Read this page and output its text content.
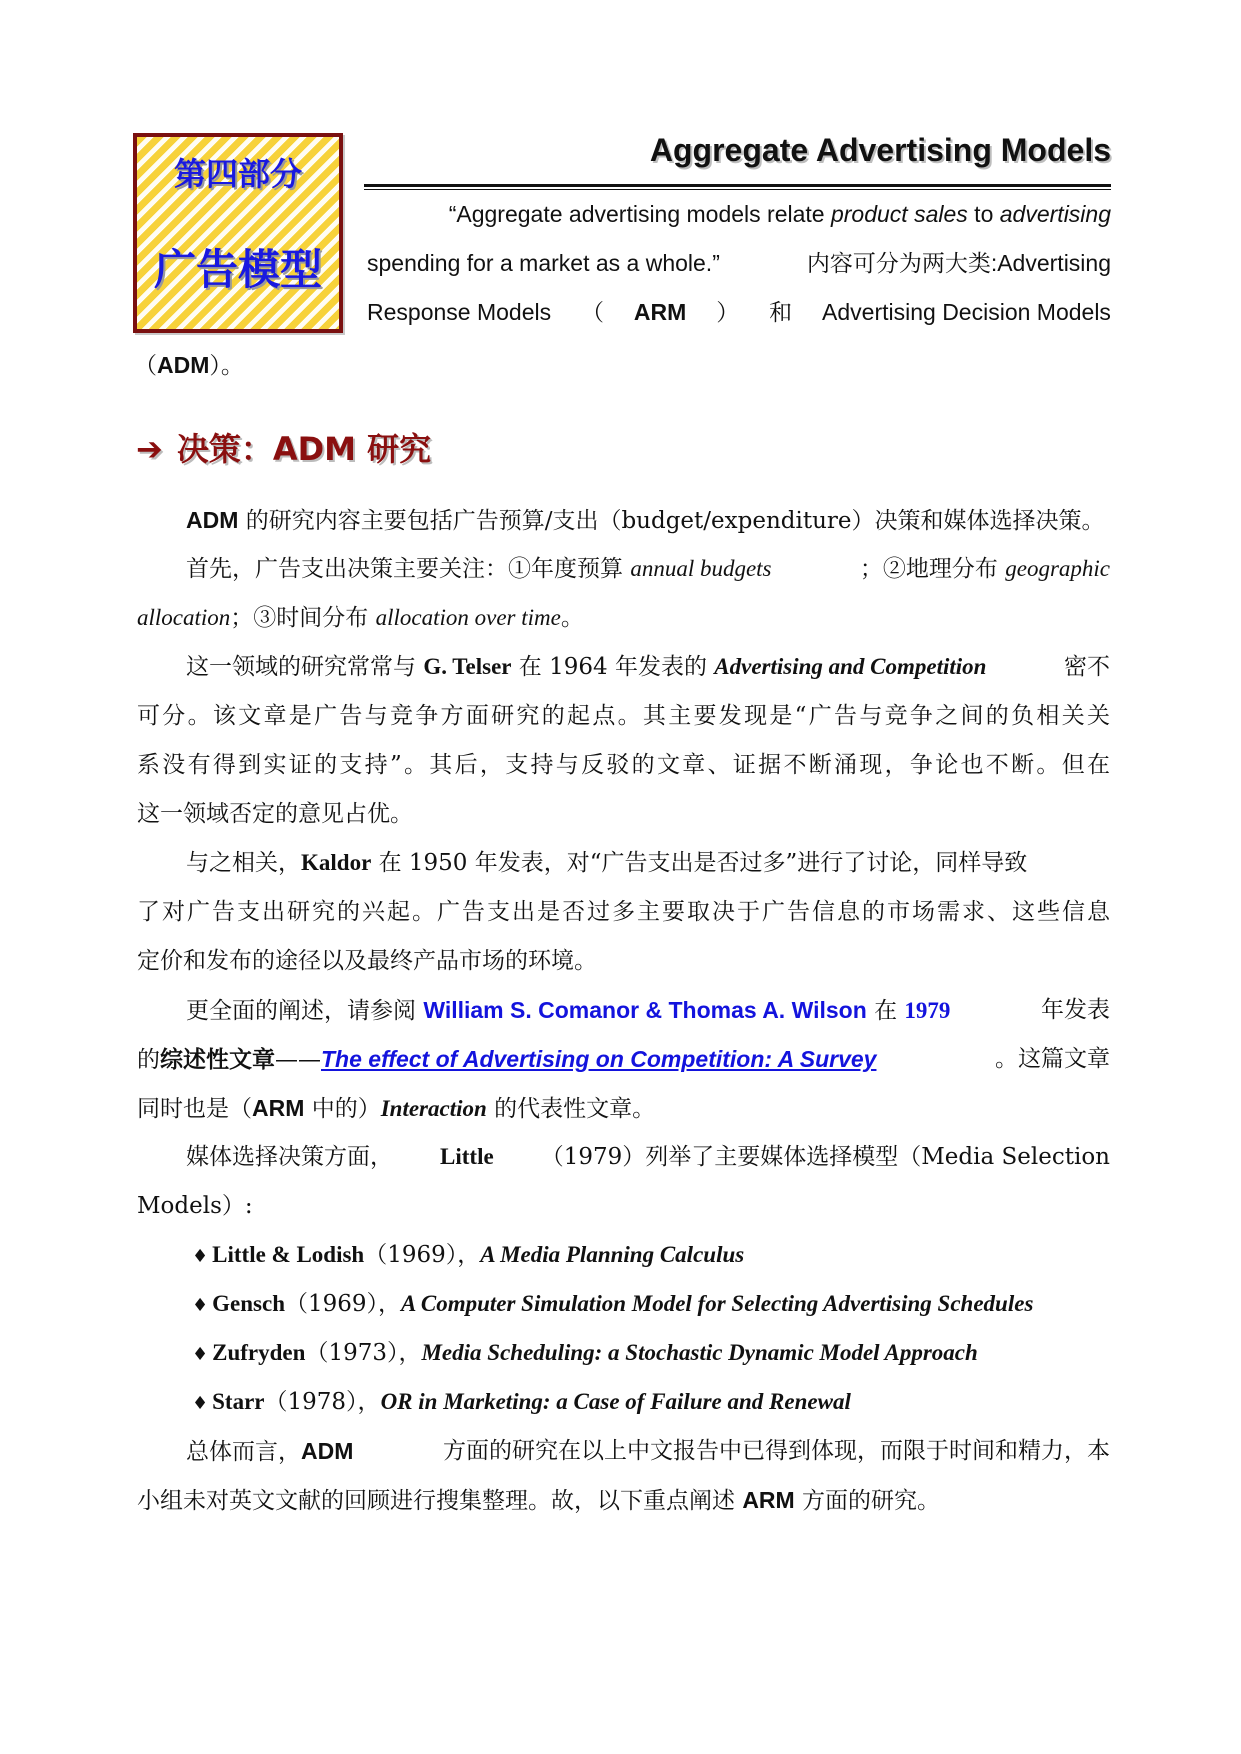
第四部分
广告模型
Aggregate Advertising Models
“Aggregate advertising models relate product sales to advertising
spending for a market as a whole.”	内容可分为两大类:Advertising
Response Models （ ARM ） 和 Advertising Decision Models
（ADM）。
➔ 决策：ADM 研究
ADM 的研究内容主要包括广告预算/支出（budget/expenditure）决策和媒体选择决策。
首先，广告支出决策主要关注：①年度预算 annual budgets	；②地理分布 geographic
allocation；③时间分布 allocation over time。
这一领域的研究常常与 G. Telser 在 1964 年发表的 Advertising and Competition	密不
可分。该文章是广告与竞争方面研究的起点。其主要发现是“广告与竞争之间的负相关关
系没有得到实证的支持”。其后，支持与反驳的文章、证据不断涌现，争论也不断。但在
这一领域否定的意见占优。
与之相关，Kaldor 在 1950 年发表，对“广告支出是否过多”进行了讨论，同样导致
了对广告支出研究的兴起。广告支出是否过多主要取决于广告信息的市场需求、这些信息
定价和发布的途径以及最终产品市场的环境。
更全面的阐述，请参阅 William S. Comanor & Thomas A. Wilson 在 1979	年发表
的综述性文章——The effect of Advertising on Competition: A Survey	。这篇文章
同时也是（ARM 中的）Interaction 的代表性文章。
媒体选择决策方面， Little （1979）列举了主要媒体选择模型（Media Selection
Models）:
♦ Little & Lodish（1969），A Media Planning Calculus
♦ Gensch（1969），A Computer Simulation Model for Selecting Advertising Schedules
♦ Zufryden（1973），Media Scheduling: a Stochastic Dynamic Model Approach
♦ Starr（1978），OR in Marketing: a Case of Failure and Renewal
总体而言，ADM	方面的研究在以上中文报告中已得到体现，而限于时间和精力，本
小组未对英文文献的回顾进行搜集整理。故，以下重点阐述 ARM 方面的研究。
